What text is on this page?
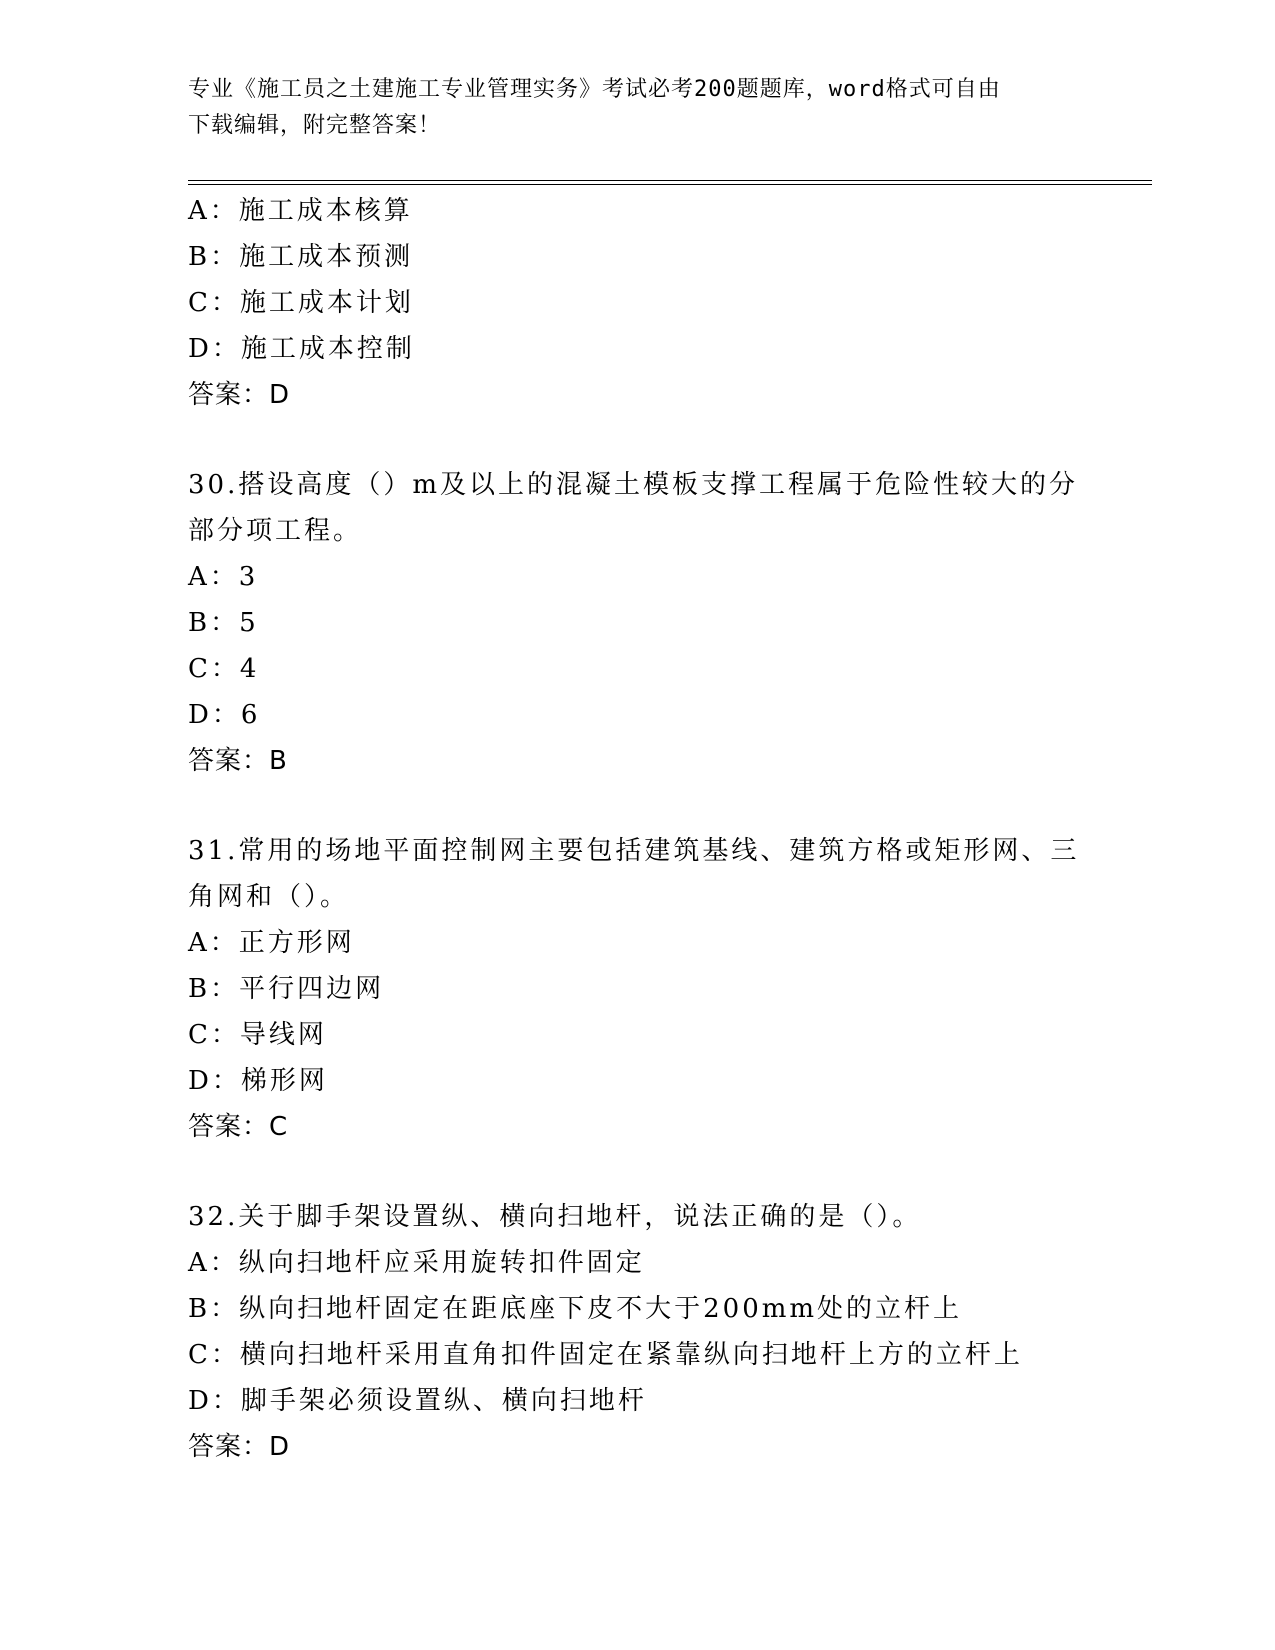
专业《施工员之土建施工专业管理实务》考试必考200题题库，word格式可自由
下载编辑，附完整答案！
A：施工成本核算
B：施工成本预测
C：施工成本计划
D：施工成本控制
答案：D
30.搭设高度（）m及以上的混凝土模板支撑工程属于危险性较大的分
部分项工程。
A：3
B：5
C：4
D：6
答案：B
31.常用的场地平面控制网主要包括建筑基线、建筑方格或矩形网、三
角网和（）。
A：正方形网
B：平行四边网
C：导线网
D：梯形网
答案：C
32.关于脚手架设置纵、横向扫地杆，说法正确的是（）。
A：纵向扫地杆应采用旋转扣件固定
B：纵向扫地杆固定在距底座下皮不大于200mm处的立杆上
C：横向扫地杆采用直角扣件固定在紧靠纵向扫地杆上方的立杆上
D：脚手架必须设置纵、横向扫地杆
答案：D
